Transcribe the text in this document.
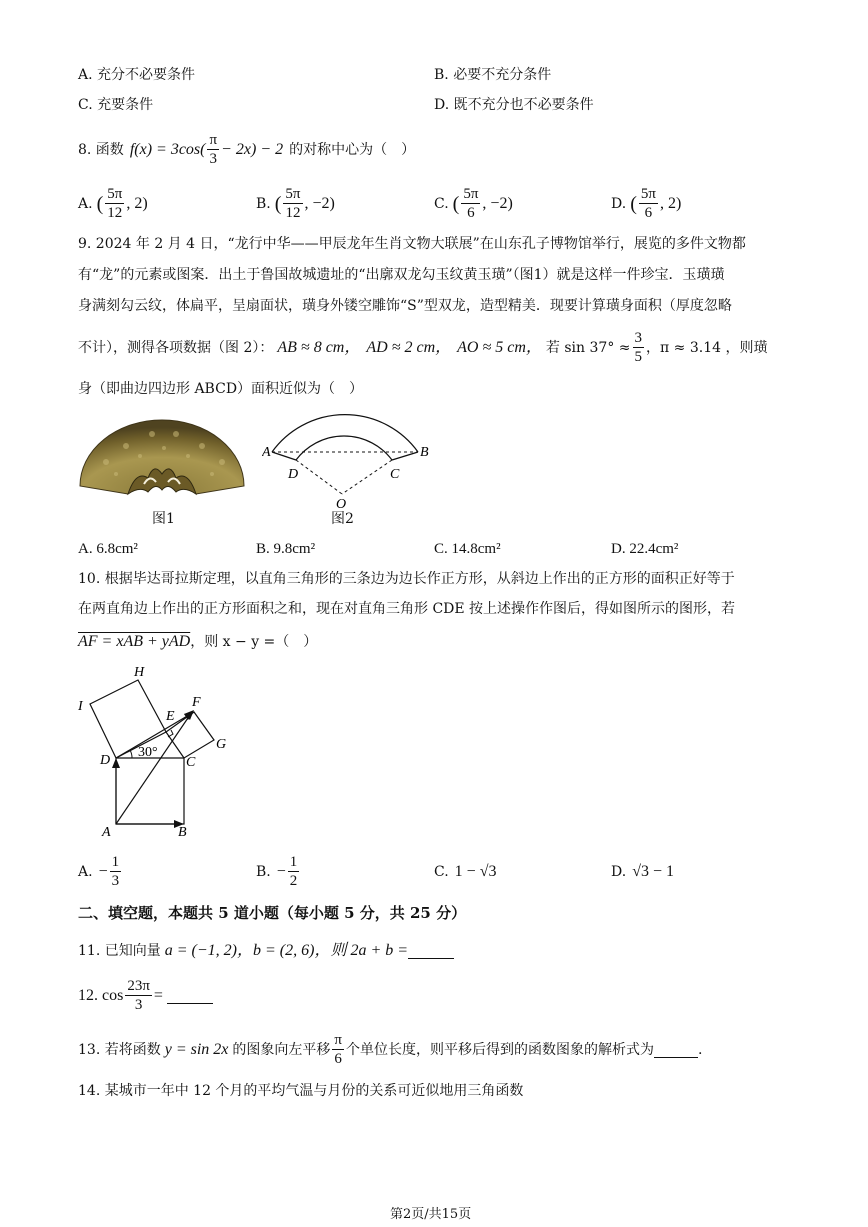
A. 充分不必要条件	B. 必要不充分条件
C. 充要条件	D. 既不充分也不必要条件
8. 函数 $f(x) = 3\cos( \frac{\pi}{3} - 2x) - 2$ 的对称中心为（　）
A. ( $\frac{5\pi}{12}$ , 2)	B. ( $\frac{5\pi}{12}$ , −2)	C. ( $\frac{5\pi}{6}$ , −2)	D. ( $\frac{5\pi}{6}$ , 2)
9. 2024 年 2 月 4 日，“龙行中华——甲辰龙年生肖文物大联展”在山东孔子博物馆举行，展览的多件文物都
有“龙”的元素或图案．出土于鲁国故城遗址的“出廓双龙勾玉纹黄玉璜”（图1）就是这样一件珍宝．玉璜璜
身满刻勾云纹，体扁平，呈扇面状，璜身外镂空雕饰“S”型双龙，造型精美．现要计算璜身面积（厚度忽略
不计），测得各项数据（图 2）： AB ≈ 8 cm， AD ≈ 2 cm， AO ≈ 5 cm， 若 $\sin 37^\circ \approx \frac{3}{5}$ ，π ≈ 3.14 ，则璜
身（即曲边四边形 ABCD）面积近似为（　）
图1
A	B
D	C
O
图2
A. 6.8cm²	B. 9.8cm²	C. 14.8cm²	D. 22.4cm²
10. 根据毕达哥拉斯定理，以直角三角形的三条边为边长作正方形，从斜边上作出的正方形的面积正好等于
在两直角边上作出的正方形面积之和，现在对直角三角形 CDE 按上述操作作图后，得如图所示的图形，若
AF = xAB + yAD，则 x − y =（　）
I
H
E
F
G
D	C
A	B
30°
A. − $\frac{1}{3}$	B. − $\frac{1}{2}$	C. 1 − √3	D. √3 − 1
二、填空题，本题共 5 道小题（每小题 5 分，共 25 分）
11. 已知向量 a = (−1, 2) ，b = (2, 6) ，则 2a + b =
12. $\cos \frac{23\pi}{3}$ =
13. 若将函数 y = sin 2x 的图象向左平移 $\frac{\pi}{6}$ 个单位长度，则平移后得到的函数图象的解析式为	.
14. 某城市一年中 12 个月的平均气温与月份的关系可近似地用三角函数
第2页/共15页
